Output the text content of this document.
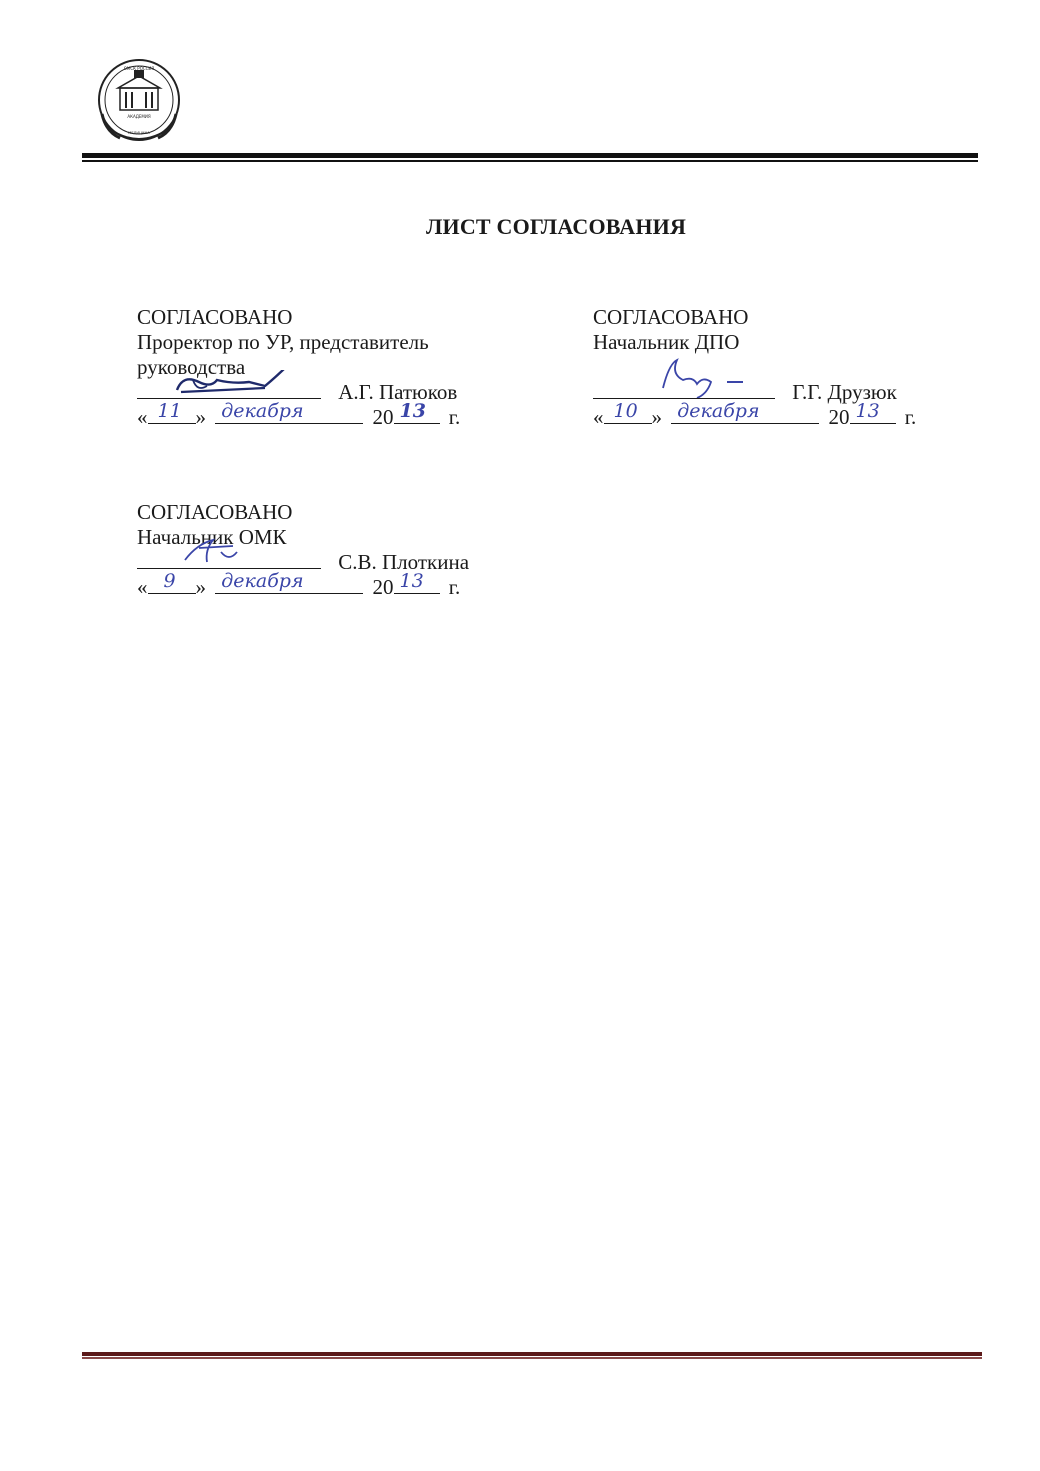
ОМСК РОССИЯ
АКАДЕМИЯ
МЕДИЦИНА
ЛИСТ СОГЛАСОВАНИЯ
СОГЛАСОВАНО
Проректор по УР, представитель
руководства
А.Г. Патюков
« 11 » декабря	20 13 г.
СОГЛАСОВАНО
Начальник ДПО
Г.Г. Друзюк
« 10 » декабря	20 13 г.
СОГЛАСОВАНО
Начальник ОМК
С.В. Плоткина
« 9 » декабря	20 13 г.
